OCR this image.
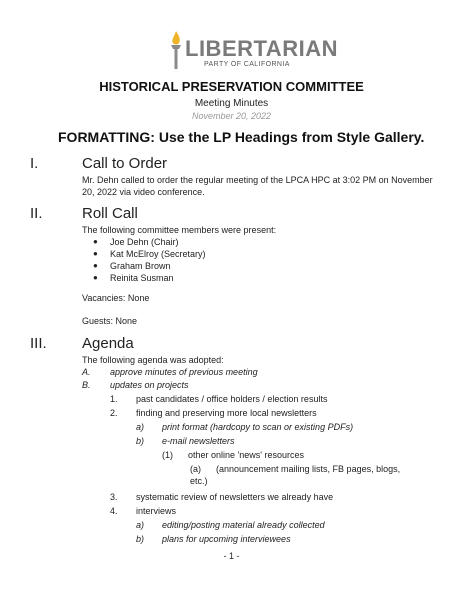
LIBERTARIAN
PARTY OF CALIFORNIA
HISTORICAL PRESERVATION COMMITTEE
Meeting Minutes
November 20, 2022
FORMATTING: Use the LP Headings from Style Gallery.
I.	Call to Order
Mr. Dehn called to order the regular meeting of the LPCA HPC at 3:02 PM on November
20, 2022 via video conference.
II.	Roll Call
The following committee members were present:
● Joe Dehn (Chair)
● Kat McElroy (Secretary)
● Graham Brown
● Reinita Susman
Vacancies: None
Guests: None
III. Agenda
The following agenda was adopted:
A. approve minutes of previous meeting
B. updates on projects
1. past candidates / office holders / election results
2. finding and preserving more local newsletters
a) print format (hardcopy to scan or existing PDFs)
b) e-mail newsletters
(1) other online 'news' resources
(a) (announcement mailing lists, FB pages, blogs,
etc.)
3. systematic review of newsletters we already have
4. interviews
a) editing/posting material already collected
b) plans for upcoming interviewees
- 1 -
